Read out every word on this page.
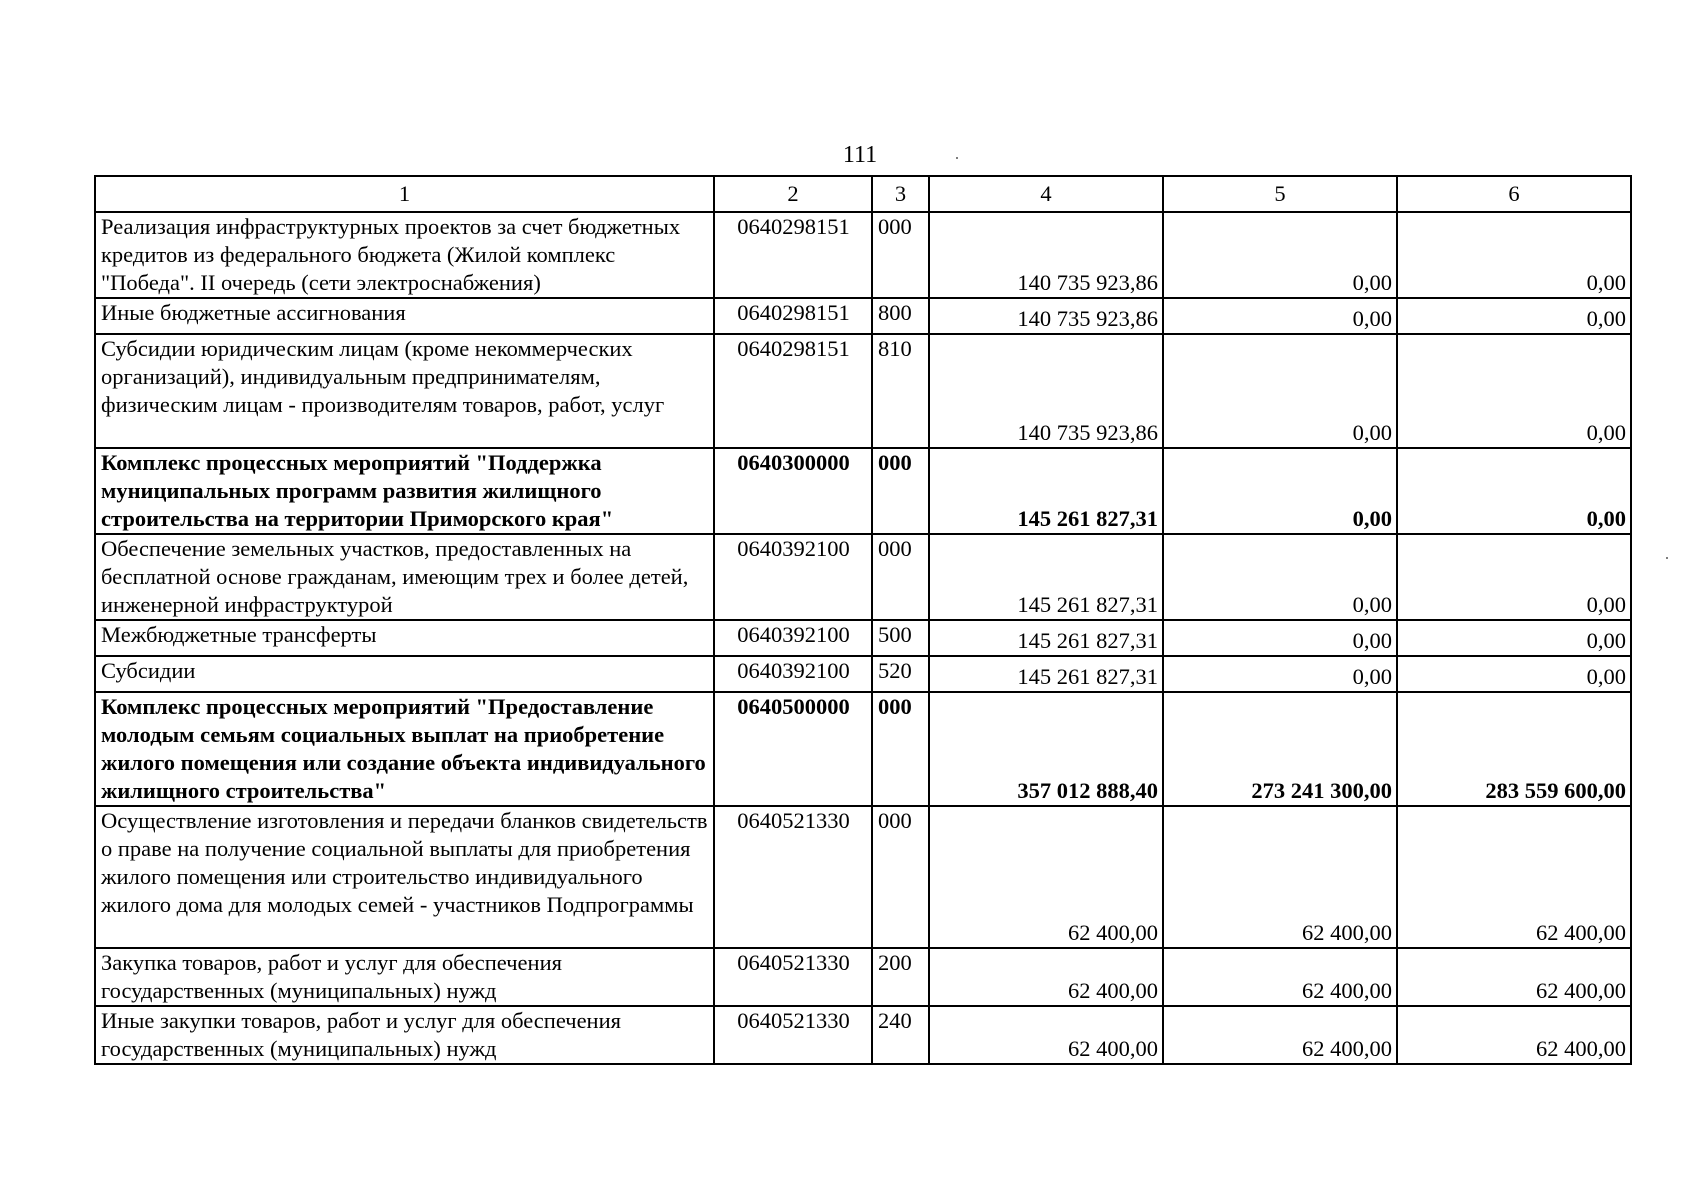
111
1	2	3	4	5	6
Реализация инфраструктурных проектов за счет бюджетных кредитов из федерального бюджета (Жилой комплекс "Победа". II очередь (сети электроснабжения)	0640298151	000	140 735 923,86	0,00	0,00
Иные бюджетные ассигнования	0640298151	800	140 735 923,86	0,00	0,00
Субсидии юридическим лицам (кроме некоммерческих организаций), индивидуальным предпринимателям, физическим лицам - производителям товаров, работ, услуг	0640298151	810	140 735 923,86	0,00	0,00
Комплекс процессных мероприятий "Поддержка муниципальных программ развития жилищного строительства на территории Приморского края"	0640300000	000	145 261 827,31	0,00	0,00
Обеспечение земельных участков, предоставленных на бесплатной основе гражданам, имеющим трех и более детей, инженерной инфраструктурой	0640392100	000	145 261 827,31	0,00	0,00
Межбюджетные трансферты	0640392100	500	145 261 827,31	0,00	0,00
Субсидии	0640392100	520	145 261 827,31	0,00	0,00
Комплекс процессных мероприятий "Предоставление молодым семьям социальных выплат на приобретение жилого помещения или создание объекта индивидуального жилищного строительства"	0640500000	000	357 012 888,40	273 241 300,00	283 559 600,00
Осуществление изготовления и передачи бланков свидетельств о праве на получение социальной выплаты для приобретения жилого помещения или строительство индивидуального жилого дома для молодых семей - участников Подпрограммы	0640521330	000	62 400,00	62 400,00	62 400,00
Закупка товаров, работ и услуг для обеспечения государственных (муниципальных) нужд	0640521330	200	62 400,00	62 400,00	62 400,00
Иные закупки товаров, работ и услуг для обеспечения государственных (муниципальных) нужд	0640521330	240	62 400,00	62 400,00	62 400,00
